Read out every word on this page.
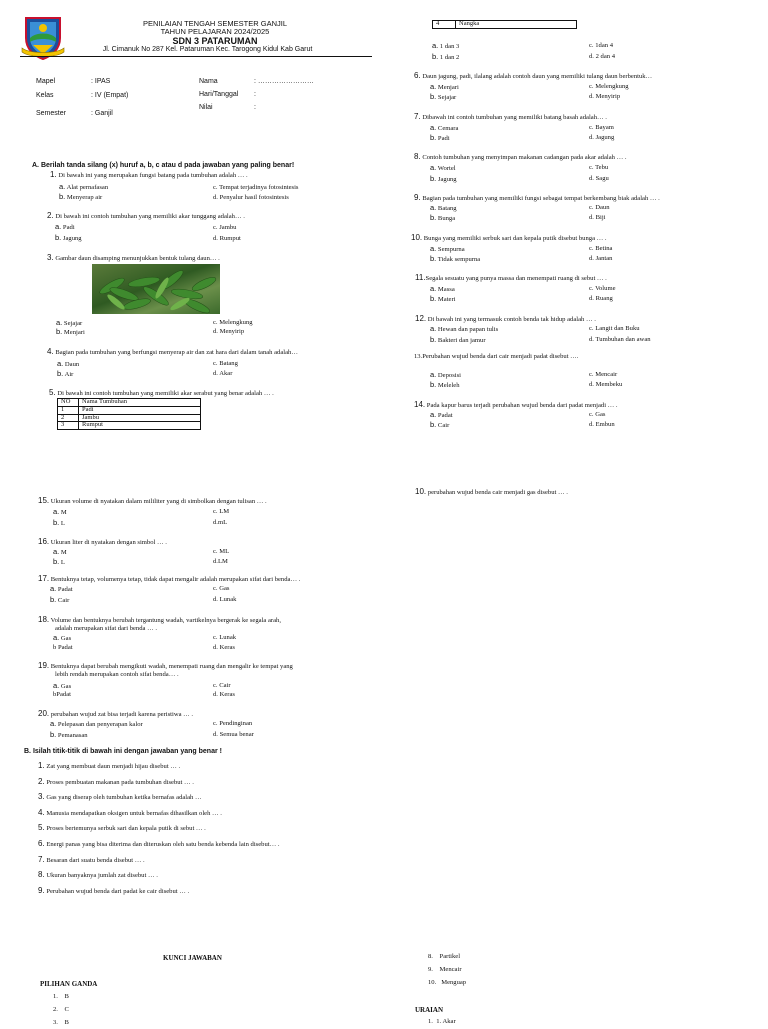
PENILAIAN TENGAH SEMESTER GANJIL
TAHUN PELAJARAN 2024/2025
SDN 3 PATARUMAN
Jl. Cimanuk No 287 Kel. Pataruman Kec. Tarogong Kidul Kab Garut
Mapel	: IPAS
Kelas	: IV (Empat)
Semester	: Ganjil
Nama	: ……………………
Hari/Tanggal :
Nilai	:
A. Berilah tanda silang (x) huruf a, b, c atau d pada jawaban yang paling benar!
1. Di bawah ini yang merupakan fungsi batang pada tumbuhan adalah … .
a. Alat pernafasan
b. Menyerap air
c. Tempat terjadinya fotosintesis
d. Penyalur hasil fotosintesis
2. Di bawah ini contoh tumbuhan yang memiliki akar tunggang adalah… .
a. Padi
b. Jagung
c. Jambu
d. Rumput
3. Gambar daun disamping menunjukkan bentuk tulang daun… .
a. Sejajar
b. Menjari
c. Melengkung
d. Menyirip
4. Bagian pada tumbuhan yang berfungsi menyerap air dan zat hara dari dalam tanah adalah…
a. Daun
b. Air
c. Batang
d. Akar
5. Di bawah ini contoh tumbuhan yang memiliki akar serabut yang benar adalah … .
NO	Nama Tumbuhan
1	Padi
2	Jambu
3	Rumput
4	Nangka
a. 1 dan 3
b. 1 dan 2
c. 1dan 4
d. 2 dan 4
6. Daun jagung, padi, ilalang adalah contoh daun yang memiliki tulang daun berbentuk…
a. Menjari
b. Sejajar
c. Melengkung
d. Menyirip
7. Dibawah ini contoh tumbuhan yang memiliki batang basah adalah… .
a. Cemara
b. Padi
c. Bayam
d. Jagung
8. Contoh tumbuhan yang menyimpan makanan cadangan pada akar adalah … .
a. Wortel
b. Jagung
c. Tebu
d. Sagu
9. Bagian pada tumbuhan yang memiliki fungsi sebagai tempat berkembang biak adalah … .
a. Batang
b. Bunga
c. Daun
d. Biji
10. Bunga yang memiliki serbuk sari dan kepala putik disebut bunga … .
a. Sempurna
b. Tidak sempurna
c. Betina
d. Jantan
11.Segala sesuatu yang punya massa dan menempati ruang di sebut … .
a. Massa
b. Materi
c. Volume
d. Ruang
12. Di bawah ini yang termasuk contoh benda tak hidup adalah … .
a. Hewan dan papan tulis
b. Bakteri dan jamur
c. Langit dan Buku
d. Tumbuhan dan awan
13.Perubahan wujud benda dari cair menjadi padat disebut ….
a. Deposisi
b. Meleleh
c. Mencair
d. Membeku
14. Pada kapur barus terjadi perubahan wujud benda dari padat menjadi … .
a. Padat
b. Cair
c. Gas
d. Embun
10. perubahan wujud benda cair menjadi gas disebut … .
15. Ukuran volume di nyatakan dalam mililiter yang di simbolkan dengan tulisan … .
a. M
b. L
c. LM
d.mL
16. Ukuran liter di nyatakan dengan simbol … .
a. M
b. L
c. ML
d.LM
17. Bentuknya tetap, volumenya tetap, tidak dapat mengalir adalah merupakan sifat dari benda… .
a. Padat
b. Cair
c. Gas
d. Lunak
18. Volume dan bentuknya berubah tergantung wadah, vartikelnya bergerak ke segala arah,
adalah merupakan sifat dari benda … .
a. Gas
b Padat
c. Lunak
d. Keras
19. Bentuknya dapat berubah mengikuti wadah, menempati ruang dan mengalir ke tempat yang
lebih rendah merupakan contoh sifat benda… .
a. Gas
bPadat
c. Cair
d. Keras
20. perubahan wujud zat bisa terjadi karena peristiwa … .
a. Pelepasan dan penyerapan kalor
b. Pemanasan
c. Pendinginan
d. Semua benar
B. Isilah titik-titik di bawah ini dengan jawaban yang benar !
1. Zat yang membuat daun menjadi hijau disebut … .
2. Proses pembuatan makanan pada tumbuhan disebut … .
3. Gas yang diserap oleh tumbuhan ketika bernafas adalah …
4. Manusia mendapatkan oksigen untuk bernafas dihasilkan oleh … .
5. Proses bertemunya serbuk sari dan kepala putik di sebut … .
6. Energi panas yang bisa diterima dan diteruskan oleh satu benda kebenda lain disebut… .
7. Besaran dari suatu benda disebut … .
8. Ukuran banyaknya jumlah zat disebut … .
9. Perubahan wujud benda dari padat ke cair disebut … .
KUNCI JAWABAN
PILIHAN GANDA
1. B
2. C
3. B
8. Partikel
9. Mencair
10. Menguap
URAIAN
1. 1. Akar
